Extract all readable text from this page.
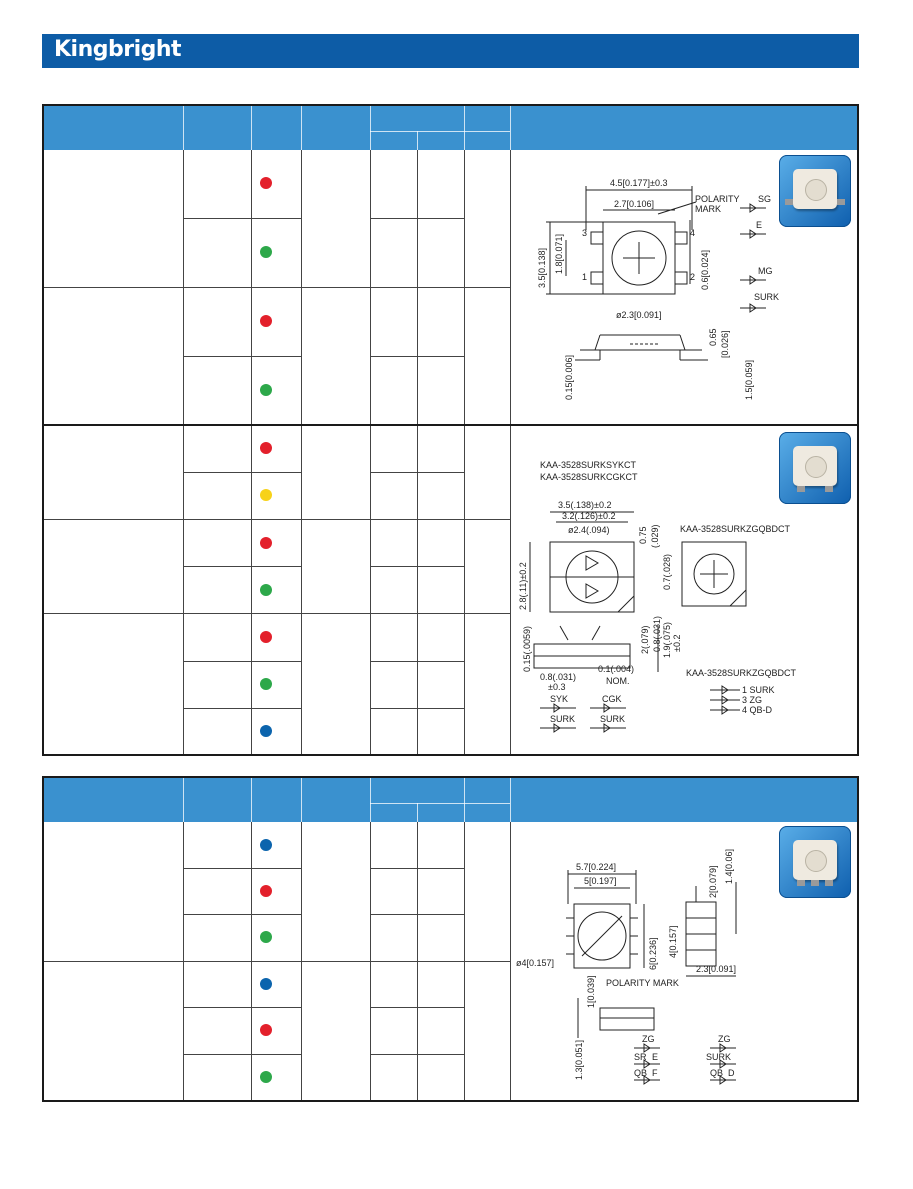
Kingbright
4.5[0.177]±0.3
2.7[0.106]	POLARITY
MARK
3.5[0.138] 1.8[0.071]	0.6[0.024]
ø2.3[0.091]
0.15[0.006]
0.65 [0.026]
1.5[0.059]
SG
E
MG
SURK
3
1
4
2
KAA-3528SURKSYKCT
KAA-3528SURKCGKCT
KAA-3528SURKZGQBDCT
KAA-3528SURKZGQBDCT
3.5(.138)±0.2
3.2(.126)±0.2
ø2.4(.094)
2.8(.11)±0.2
0.75 (.029)
0.7(.028)
2(.079) 0.8(.031) 1.9(.075) ±0.2
0.15(.0059)
0.8(.031)
±0.3
0.1(.004)
NOM.
SYK
SURK
CGK
SURK
1 SURK
3 ZG
4 QB-D
5.7[0.224]
5[0.197]
6[0.236] 4[0.157]
ø4[0.157]
POLARITY MARK
2[0.079] 1.4[0.06]
2.3[0.091]
1[0.039]
1.3[0.051]
ZG
SR
QB
E
F
ZG
SURK
QB D
